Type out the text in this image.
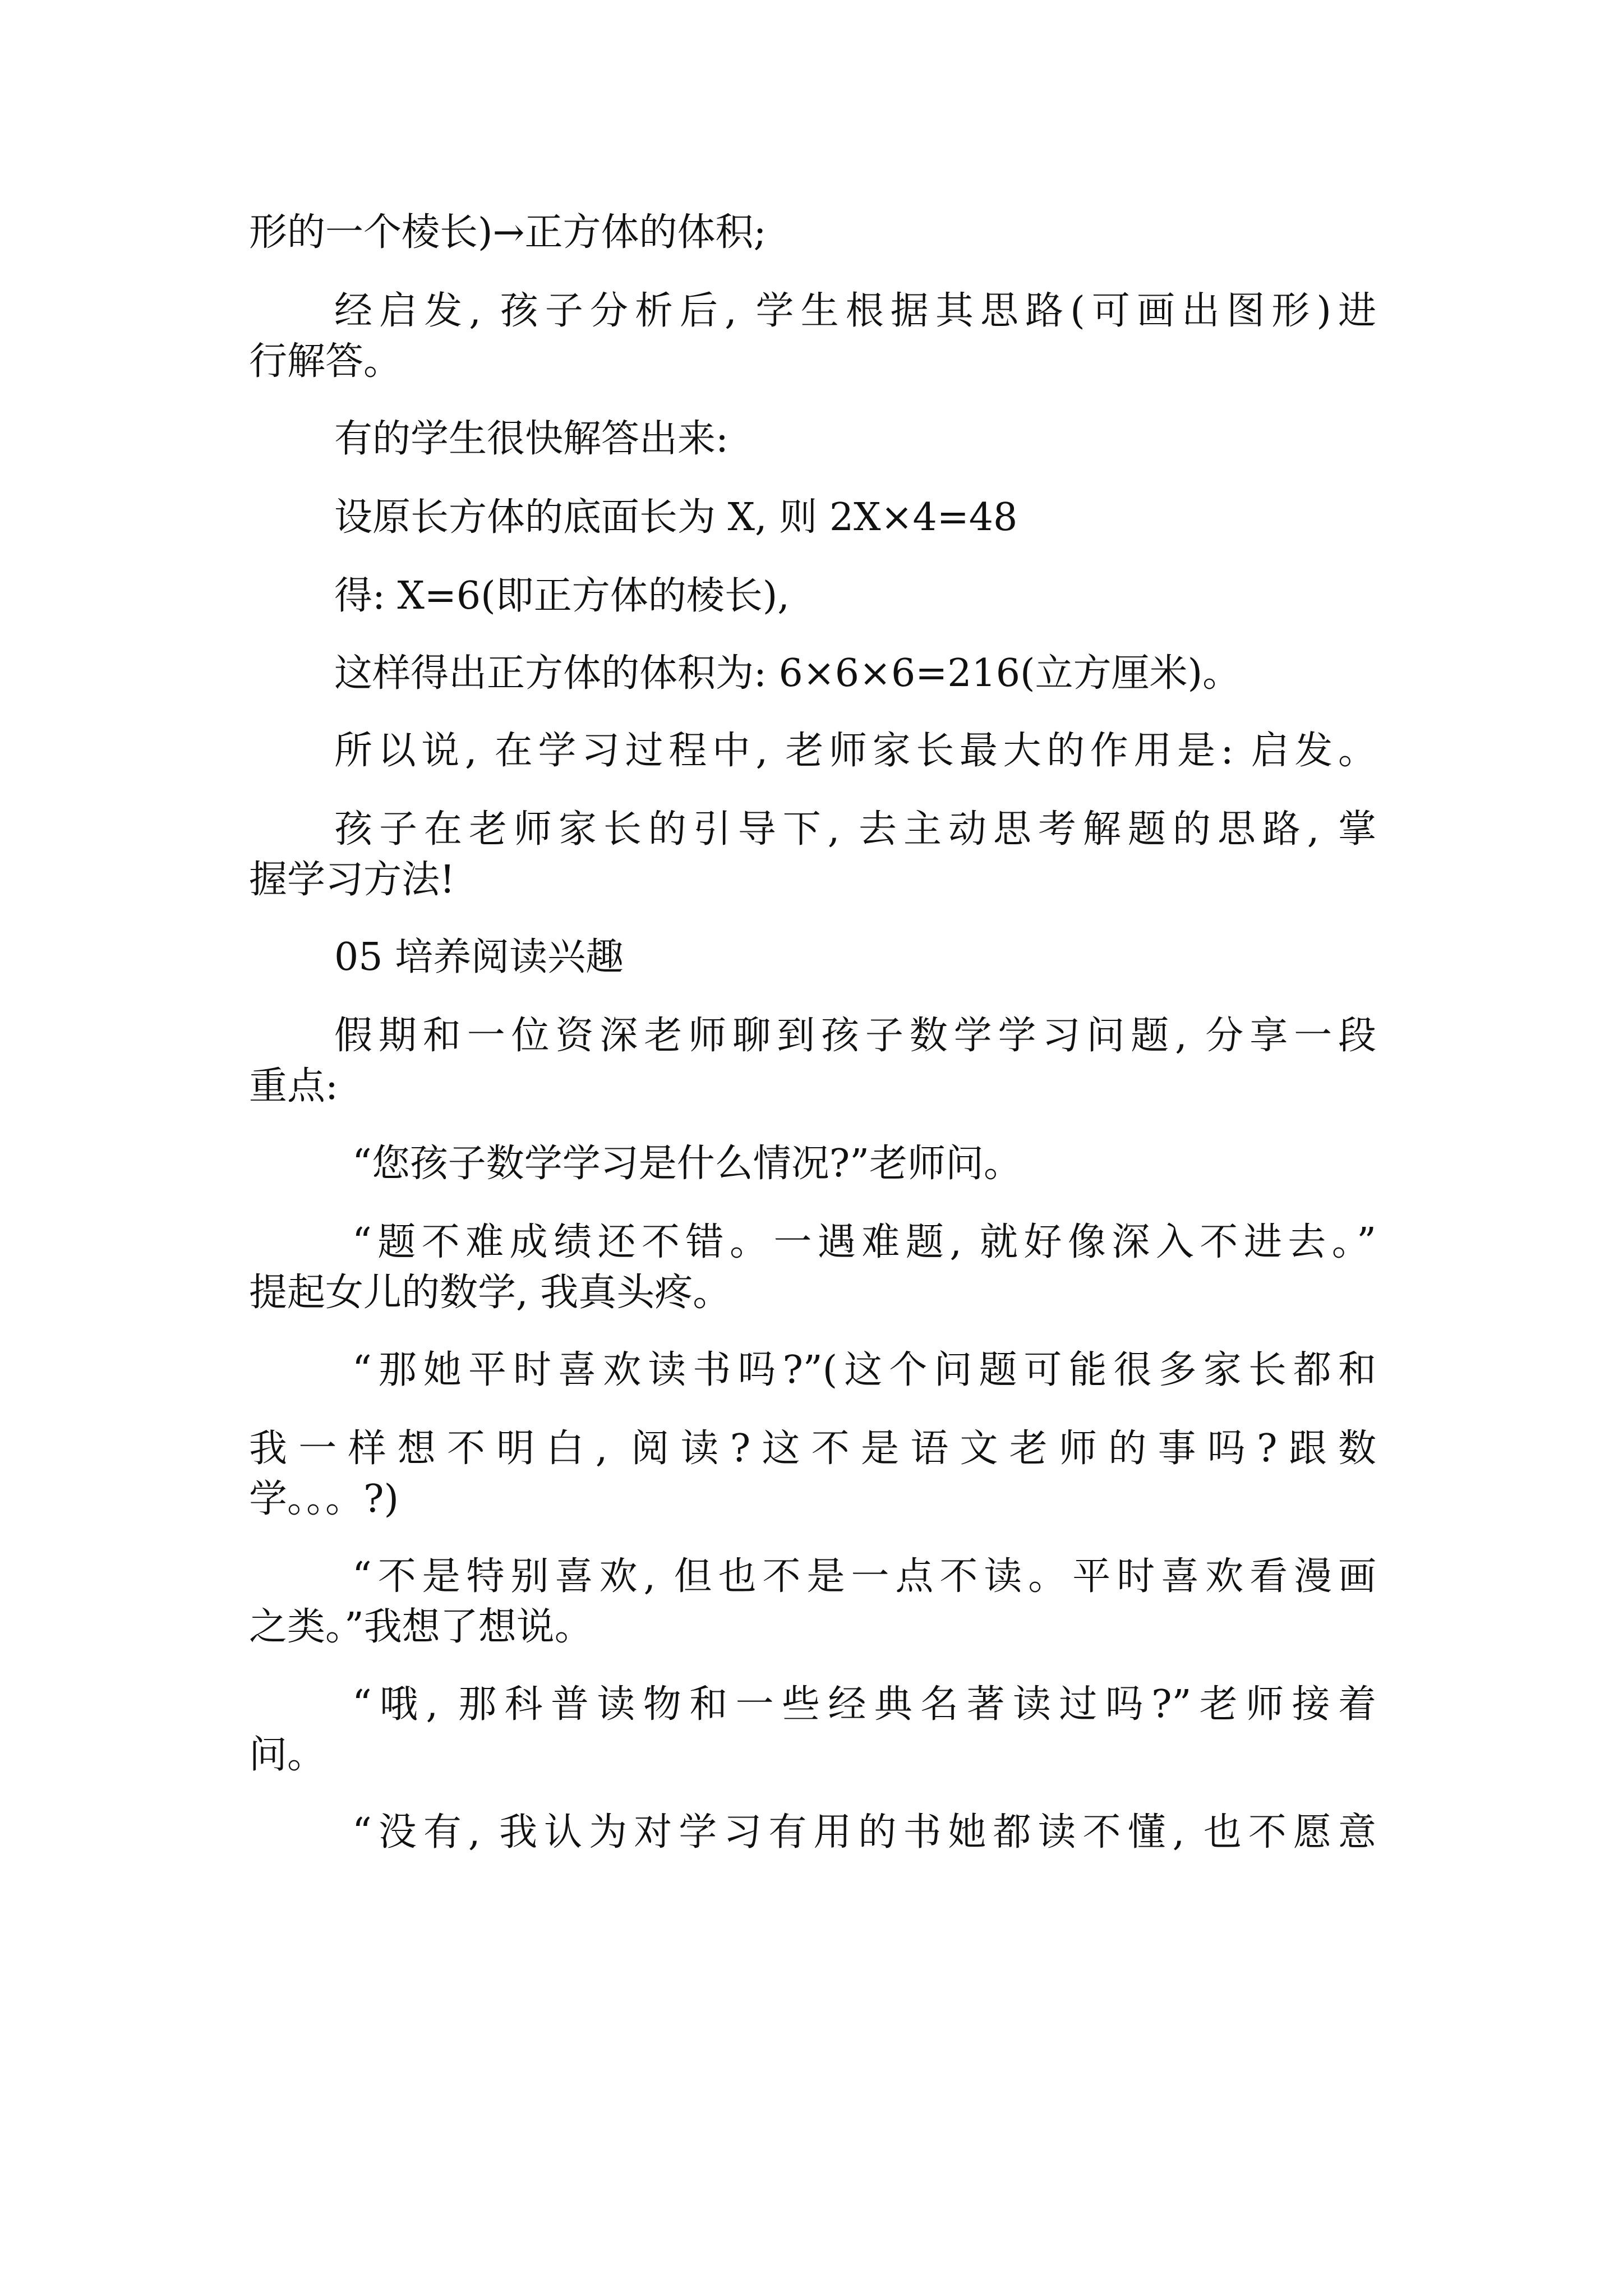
形的一个棱长)→正方体的体积;
经启发, 孩子分析后, 学生根据其思路(可画出图形)进
行解答。
有的学生很快解答出来:
设原长方体的底面长为 X, 则 2X×4=48
得: X=6(即正方体的棱长),
这样得出正方体的体积为: 6×6×6=216(立方厘米)。
所以说, 在学习过程中, 老师家长最大的作用是: 启发。
孩子在老师家长的引导下, 去主动思考解题的思路, 掌
握学习方法!
05 培养阅读兴趣
假期和一位资深老师聊到孩子数学学习问题, 分享一段
重点:
“您孩子数学学习是什么情况?”老师问。
“题不难成绩还不错。一遇难题, 就好像深入不进去。”
提起女儿的数学, 我真头疼。
“那她平时喜欢读书吗?”(这个问题可能很多家长都和
我一样想不明白, 阅读?这不是语文老师的事吗?跟数
学。。。?)
“不是特别喜欢, 但也不是一点不读。平时喜欢看漫画
之类。”我想了想说。
“哦, 那科普读物和一些经典名著读过吗?”老师接着
问。
“没有, 我认为对学习有用的书她都读不懂, 也不愿意
